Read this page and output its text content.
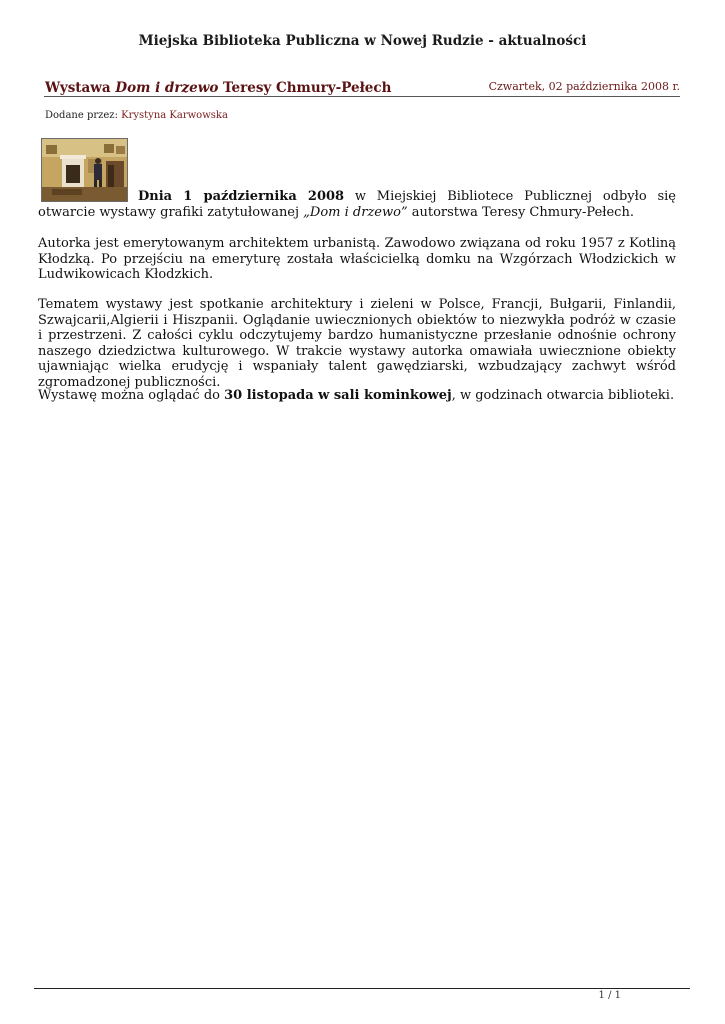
Miejska Biblioteka Publiczna w Nowej Rudzie - aktualności
Wystawa Dom i drzewo Teresy Chmury-Pełech	Czwartek, 02 października 2008 r.
Dodane przez: Krystyna Karwowska
Dnia 1 października 2008 w Miejskiej Bibliotece Publicznej odbyło się otwarcie wystawy grafiki zatytułowanej „Dom i drzewo” autorstwa Teresy Chmury-Pełech.
Autorka jest emerytowanym architektem urbanistą. Zawodowo związana od roku 1957 z Kotliną Kłodzką. Po przejściu na emeryturę została właścicielką domku na Wzgórzach Włodzickich w Ludwikowicach Kłodzkich.
Tematem wystawy jest spotkanie architektury i zieleni w Polsce, Francji, Bułgarii, Finlandii, Szwajcarii,Algierii i Hiszpanii. Oglądanie uwiecznionych obiektów to niezwykła podróż w czasie i przestrzeni. Z całości cyklu odczytujemy bardzo humanistyczne przesłanie odnośnie ochrony naszego dziedzictwa kulturowego. W trakcie wystawy autorka omawiała uwiecznione obiekty ujawniając wielka erudycję i wspaniały talent gawędziarski, wzbudzający zachwyt wśród zgromadzonej publiczności.
Wystawę można oglądać do 30 listopada w sali kominkowej, w godzinach otwarcia biblioteki.
1 / 1
